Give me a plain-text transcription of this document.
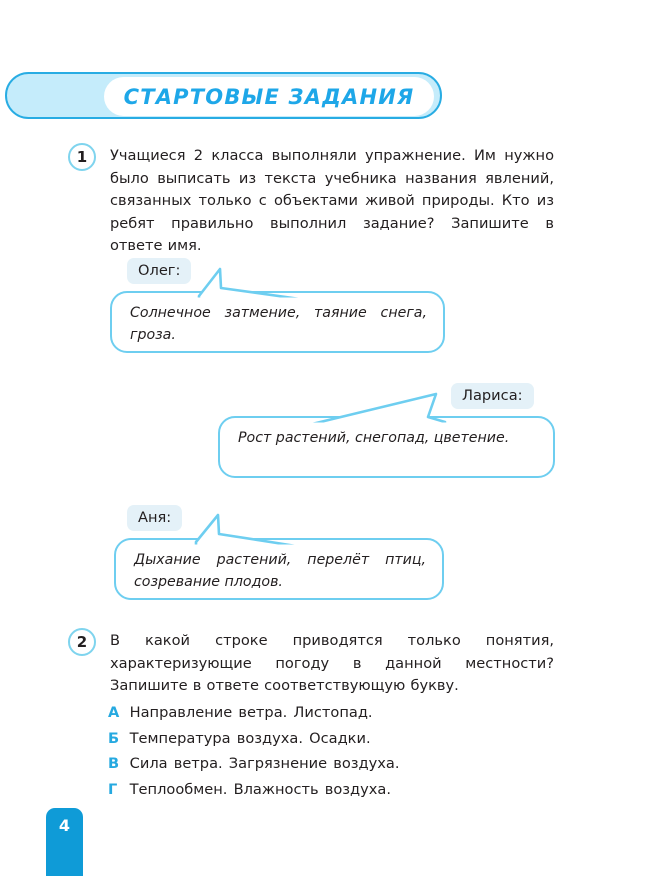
СТАРТОВЫЕ ЗАДАНИЯ
1	Учащиеся 2 класса выполняли упражнение. Им нужно было выписать из текста учебника названия явлений, связанных только с объектами живой природы. Кто из ребят правильно выполнил задание? Запишите в ответе имя.
Олег:
Солнечное затмение, таяние снега, гроза.
Лариса:
Рост растений, снегопад, цветение.
Аня:
Дыхание растений, перелёт птиц, созревание плодов.
2	В какой строке приводятся только понятия, характеризующие погоду в данной местности? Запишите в ответе соответствующую букву.
А Направление ветра. Листопад.
Б Температура воздуха. Осадки.
В Сила ветра. Загрязнение воздуха.
Г Теплообмен. Влажность воздуха.
4
